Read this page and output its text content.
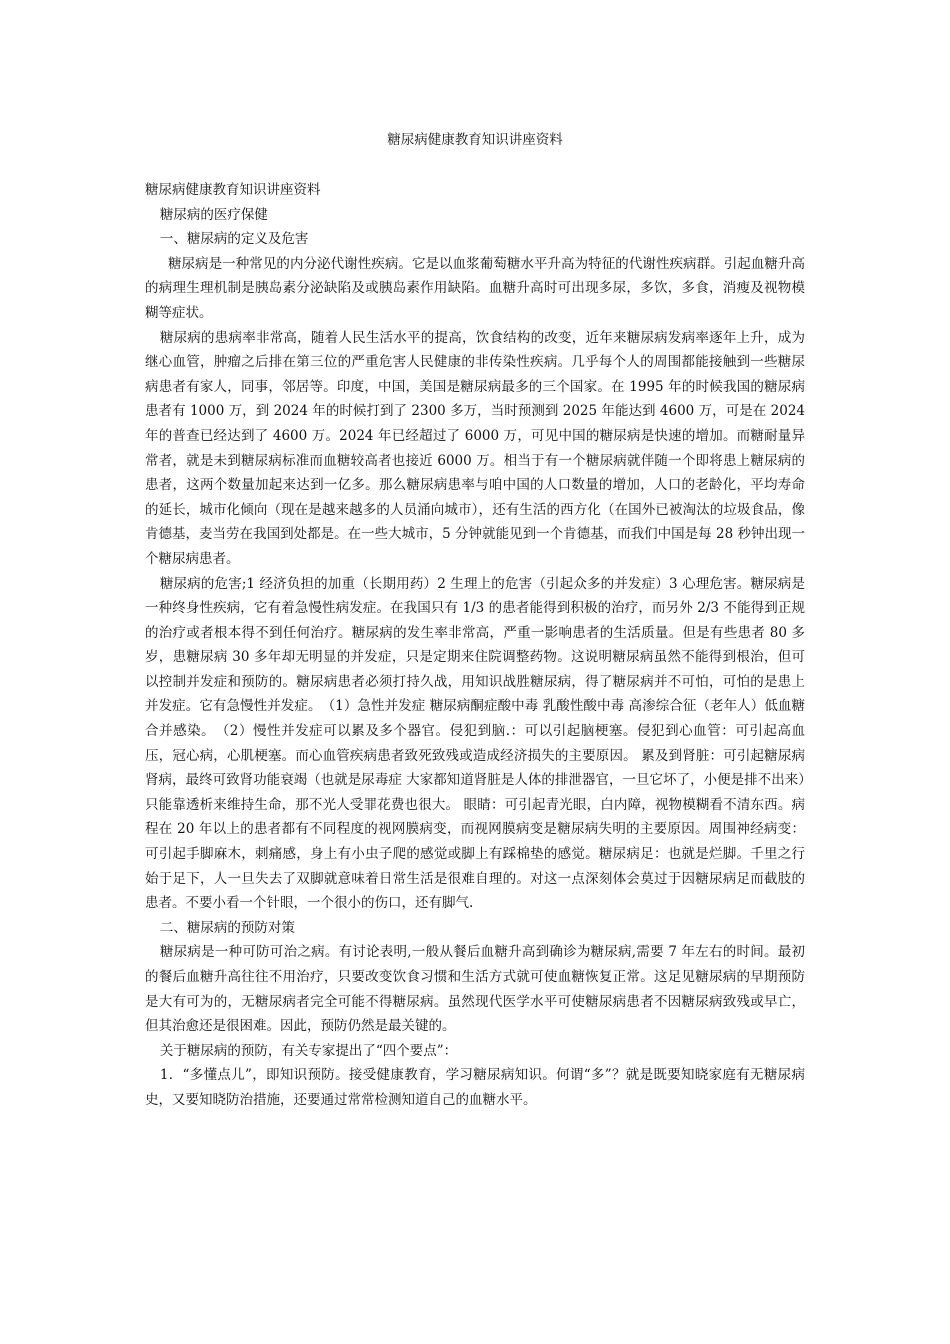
糖尿病健康教育知识讲座资料

糖尿病健康教育知识讲座资料

糖尿病的医疗保健

一、糖尿病的定义及危害

糖尿病是一种常见的内分泌代谢性疾病。它是以血浆葡萄糖水平升高为特征的代谢性疾病群。引起血糖升高的病理生理机制是胰岛素分泌缺陷及或胰岛素作用缺陷。血糖升高时可出现多尿，多饮，多食，消瘦及视物模糊等症状。

糖尿病的患病率非常高，随着人民生活水平的提高，饮食结构的改变，近年来糖尿病发病率逐年上升，成为继心血管，肿瘤之后排在第三位的严重危害人民健康的非传染性疾病。几乎每个人的周围都能接触到一些糖尿病患者有家人，同事，邻居等。印度，中国，美国是糖尿病最多的三个国家。在 1995 年的时候我国的糖尿病患者有 1000 万，到 2024 年的时候打到了 2300 多万，当时预测到 2025 年能达到 4600 万，可是在 2024 年的普查已经达到了 4600 万。2024 年已经超过了 6000 万，可见中国的糖尿病是快速的增加。而糖耐量异常者，就是未到糖尿病标准而血糖较高者也接近 6000 万。相当于有一个糖尿病就伴随一个即将患上糖尿病的患者，这两个数量加起来达到一亿多。那么糖尿病患率与咱中国的人口数量的增加，人口的老龄化，平均寿命的延长，城市化倾向（现在是越来越多的人员涌向城市），还有生活的西方化（在国外已被淘汰的垃圾食品，像肯德基，麦当劳在我国到处都是。在一些大城市，5 分钟就能见到一个肯德基，而我们中国是每 28 秒钟出现一个糖尿病患者。

糖尿病的危害;1 经济负担的加重（长期用药）2 生理上的危害（引起众多的并发症）3 心理危害。糖尿病是一种终身性疾病，它有着急慢性病发症。在我国只有 1/3 的患者能得到积极的治疗，而另外 2/3 不能得到正规的治疗或者根本得不到任何治疗。糖尿病的发生率非常高，严重一影响患者的生活质量。但是有些患者 80 多岁，患糖尿病 30 多年却无明显的并发症，只是定期来住院调整药物。这说明糖尿病虽然不能得到根治，但可以控制并发症和预防的。糖尿病患者必须打持久战，用知识战胜糖尿病，得了糖尿病并不可怕，可怕的是患上并发症。它有急慢性并发症。　（1）急性并发症 糖尿病酮症酸中毒 乳酸性酸中毒 高渗综合征（老年人）低血糖合并感染。　（2）慢性并发症可以累及多个器官。侵犯到脑.：可以引起脑梗塞。侵犯到心血管：可引起高血压，冠心病，心肌梗塞。而心血管疾病患者致死致残或造成经济损失的主要原因。 累及到肾脏：可引起糖尿病肾病，最终可致肾功能衰竭（也就是尿毒症 大家都知道肾脏是人体的排泄器官，一旦它坏了，小便是排不出来）只能靠透析来维持生命，那不光人受罪花费也很大。 眼睛：可引起青光眼，白内障，视物模糊看不清东西。病程在 20 年以上的患者都有不同程度的视网膜病变，而视网膜病变是糖尿病失明的主要原因。周围神经病变：可引起手脚麻木，刺痛感，身上有小虫子爬的感觉或脚上有踩棉垫的感觉。糖尿病足：也就是烂脚。千里之行始于足下，人一旦失去了双脚就意味着日常生活是很难自理的。对这一点深刻体会莫过于因糖尿病足而截肢的患者。不要小看一个针眼，一个很小的伤口，还有脚气.

二、糖尿病的预防对策

糖尿病是一种可防可治之病。有讨论表明,一般从餐后血糖升高到确诊为糖尿病,需要 7 年左右的时间。最初的餐后血糖升高往往不用治疗，只要改变饮食习惯和生活方式就可使血糖恢复正常。这足见糖尿病的早期预防是大有可为的，无糖尿病者完全可能不得糖尿病。虽然现代医学水平可使糖尿病患者不因糖尿病致残或早亡，但其治愈还是很困难。因此，预防仍然是最关键的。

关于糖尿病的预防，有关专家提出了“四个要点”：

1．“多懂点儿”，即知识预防。接受健康教育，学习糖尿病知识。何谓“多”？就是既要知晓家庭有无糖尿病史，又要知晓防治措施，还要通过常常检测知道自己的血糖水平。
